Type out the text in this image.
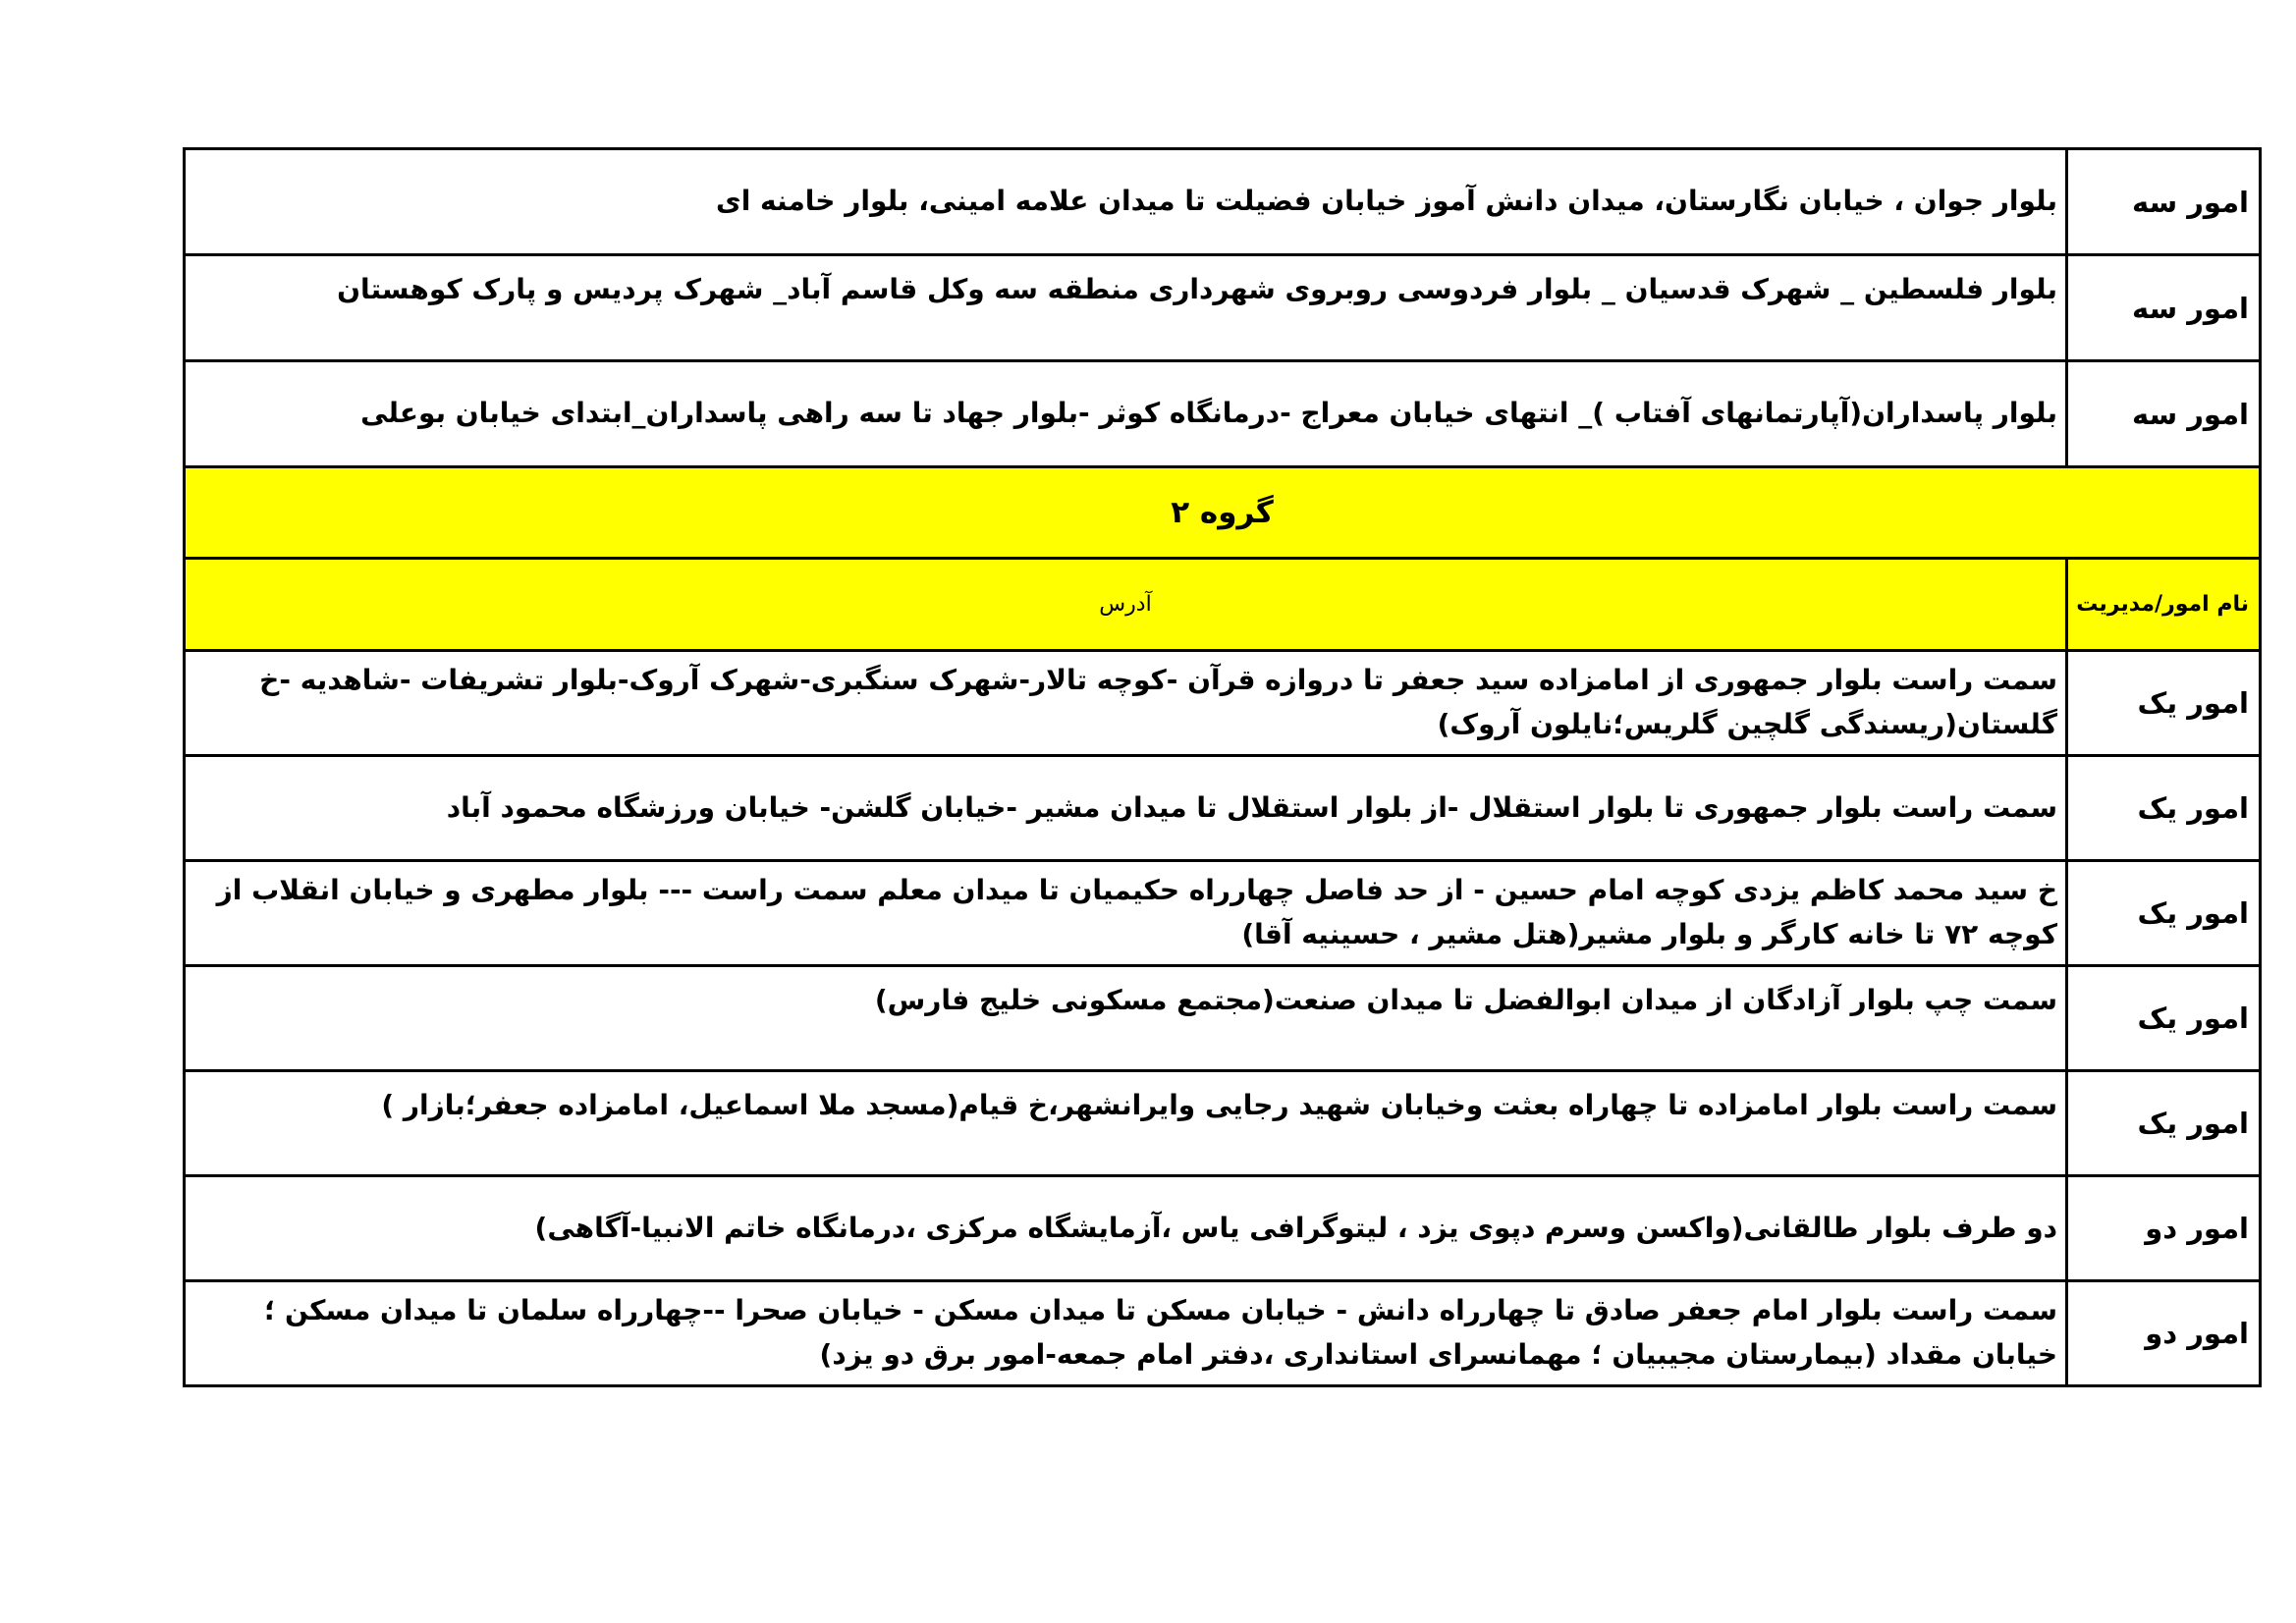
امور سه	بلوار جوان ، خیابان نگارستان، میدان دانش آموز خیابان فضیلت تا میدان علامه امینی، بلوار خامنه ای
امور سه	بلوار فلسطین _ شهرک قدسیان _ بلوار فردوسی روبروی شهرداری منطقه سه وکل قاسم آباد_ شهرک پردیس و پارک کوهستان
امور سه	بلوار پاسداران(آپارتمانهای آفتاب )_ انتهای خیابان معراج -درمانگاه کوثر -بلوار جهاد تا سه راهی پاسداران_ابتدای خیابان بوعلی
گروه ۲	
نام امور/مدیریت	آدرس
امور یک	سمت راست بلوار جمهوری از امامزاده سید جعفر تا دروازه قرآن -کوچه تالار-شهرک سنگبری-شهرک آروک-بلوار تشریفات -شاهدیه -خ گلستان(ریسندگی گلچین گلریس؛نایلون آروک)
امور یک	سمت راست بلوار جمهوری تا بلوار استقلال -از بلوار استقلال تا میدان مشیر -خیابان گلشن- خیابان ورزشگاه محمود آباد
امور یک	خ سید محمد کاظم یزدی کوچه امام حسین - از حد فاصل چهارراه حکیمیان تا میدان معلم سمت راست --- بلوار مطهری و خیابان انقلاب از کوچه ۷۲ تا خانه کارگر و بلوار مشیر(هتل مشیر ، حسینیه آقا)
امور یک	سمت چپ بلوار آزادگان از میدان ابوالفضل تا میدان صنعت(مجتمع مسکونی خلیج فارس)
امور یک	سمت راست بلوار امامزاده تا چهاراه بعثت وخیابان شهید رجایی وایرانشهر،خ قیام(مسجد ملا اسماعیل، امامزاده جعفر؛بازار )
امور دو	دو طرف بلوار طالقانی(واکسن وسرم دپوی یزد ، لیتوگرافی یاس ،آزمایشگاه مرکزی ،درمانگاه خاتم الانبیا-آگاهی)
امور دو	سمت راست بلوار امام جعفر صادق تا چهارراه دانش - خیابان مسکن تا میدان مسکن - خیابان صحرا --چهارراه سلمان تا میدان مسکن ؛ خیابان مقداد (بیمارستان مجیبیان ؛ مهمانسرای استانداری ،دفتر امام جمعه-امور برق دو یزد)
